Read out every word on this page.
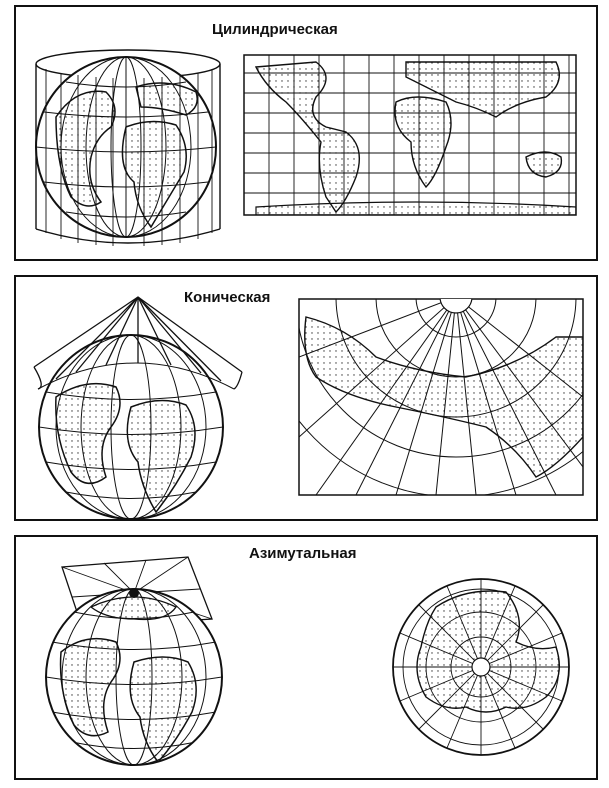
Цилиндрическая
Коническая
Азимутальная
